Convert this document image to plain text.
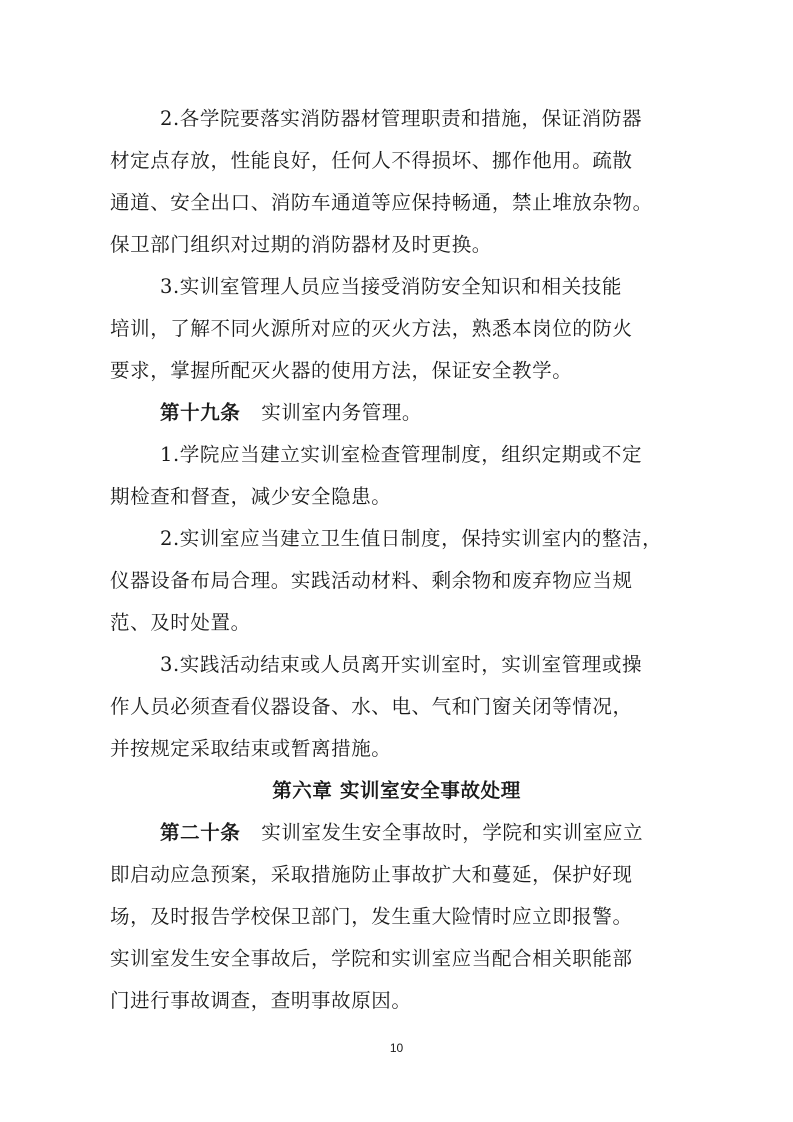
2.各学院要落实消防器材管理职责和措施，保证消防器
材定点存放，性能良好，任何人不得损坏、挪作他用。疏散
通道、安全出口、消防车通道等应保持畅通，禁止堆放杂物。
保卫部门组织对过期的消防器材及时更换。
3.实训室管理人员应当接受消防安全知识和相关技能
培训，了解不同火源所对应的灭火方法，熟悉本岗位的防火
要求，掌握所配灭火器的使用方法，保证安全教学。
第十九条 实训室内务管理。
1.学院应当建立实训室检查管理制度，组织定期或不定
期检查和督查，减少安全隐患。
2.实训室应当建立卫生值日制度，保持实训室内的整洁，
仪器设备布局合理。实践活动材料、剩余物和废弃物应当规
范、及时处置。
3.实践活动结束或人员离开实训室时，实训室管理或操
作人员必须查看仪器设备、水、电、气和门窗关闭等情况，
并按规定采取结束或暂离措施。
第六章 实训室安全事故处理
第二十条 实训室发生安全事故时，学院和实训室应立
即启动应急预案，采取措施防止事故扩大和蔓延，保护好现
场，及时报告学校保卫部门，发生重大险情时应立即报警。
实训室发生安全事故后，学院和实训室应当配合相关职能部
门进行事故调查，查明事故原因。
10
